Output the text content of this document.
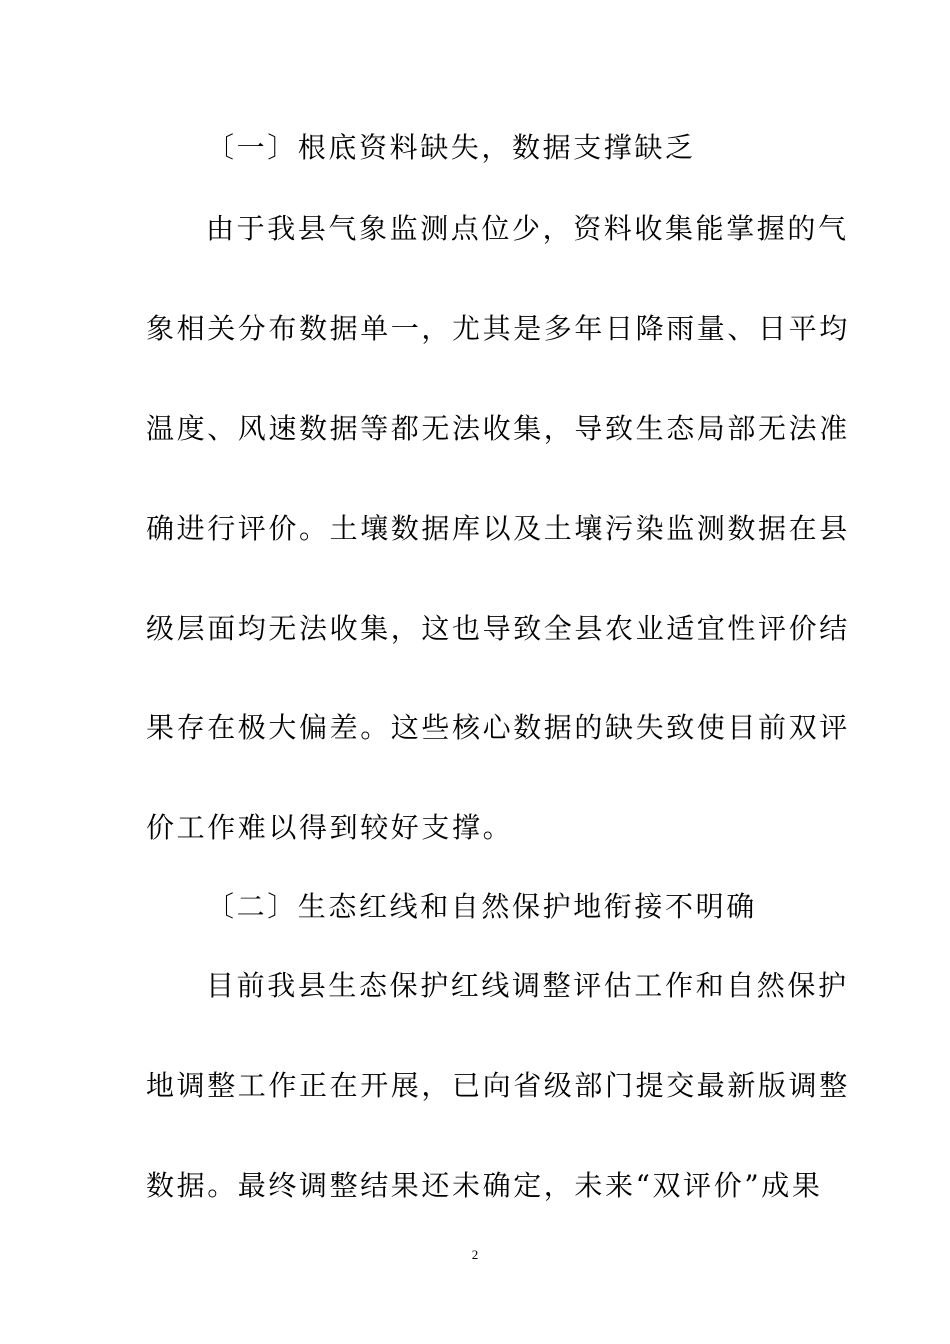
〔一〕根底资料缺失，数据支撑缺乏
由于我县气象监测点位少，资料收集能掌握的气
象相关分布数据单一，尤其是多年日降雨量、日平均
温度、风速数据等都无法收集，导致生态局部无法准
确进行评价。土壤数据库以及土壤污染监测数据在县
级层面均无法收集，这也导致全县农业适宜性评价结
果存在极大偏差。这些核心数据的缺失致使目前双评
价工作难以得到较好支撑。
〔二〕生态红线和自然保护地衔接不明确
目前我县生态保护红线调整评估工作和自然保护
地调整工作正在开展，已向省级部门提交最新版调整
数据。最终调整结果还未确定，未来“双评价”成果
2
